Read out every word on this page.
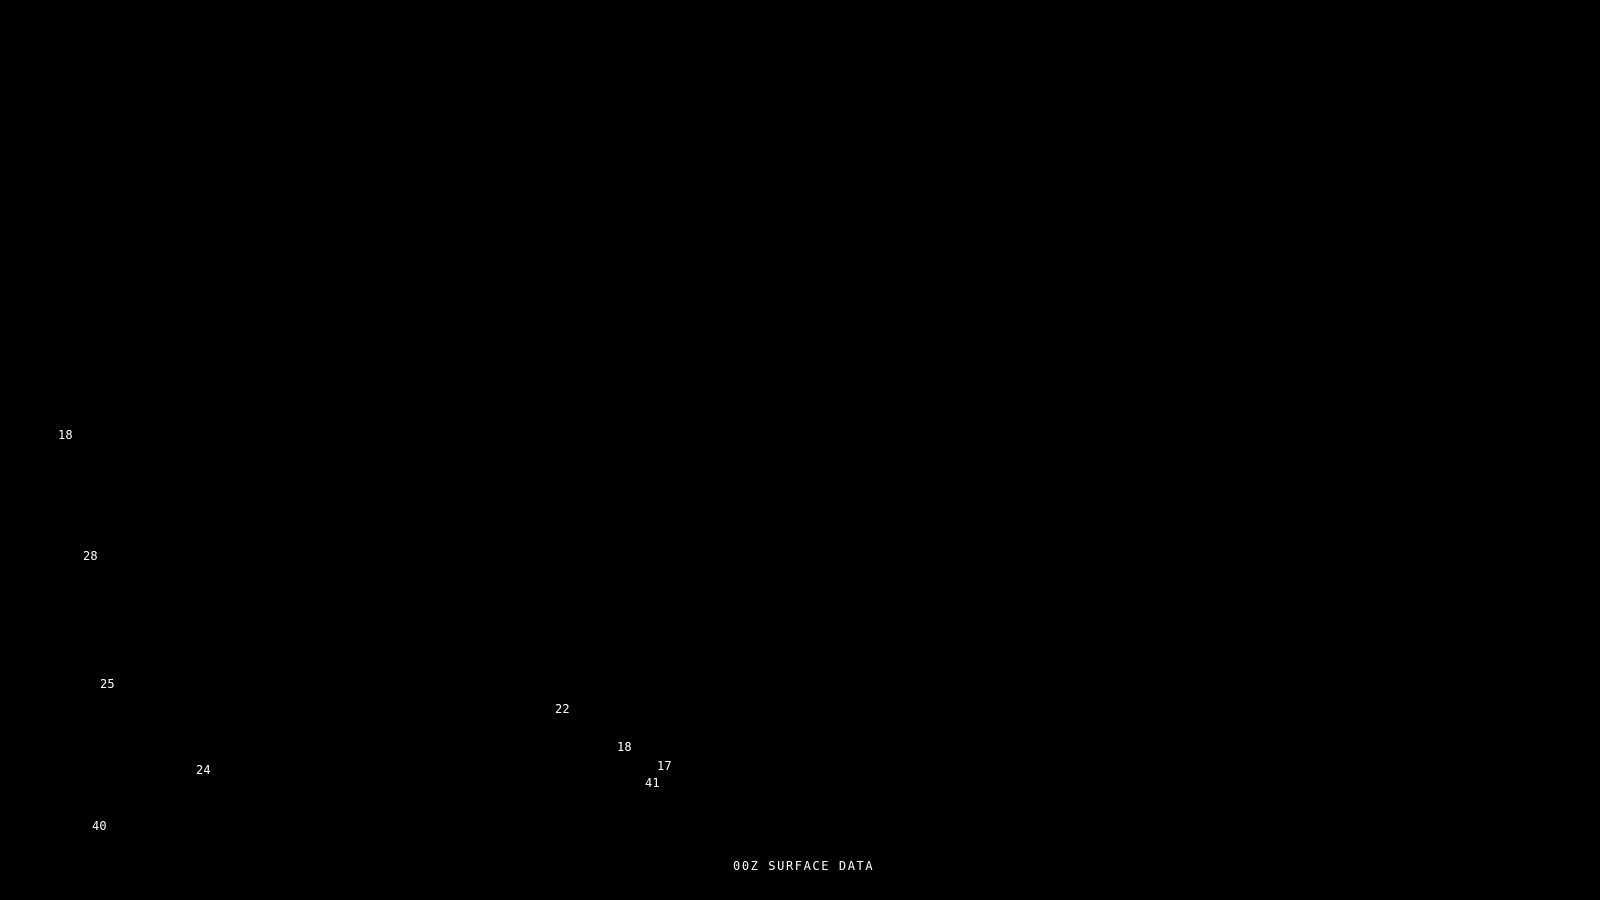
18
28
25
22
18
17
24
41
40
00Z SURFACE DATA
